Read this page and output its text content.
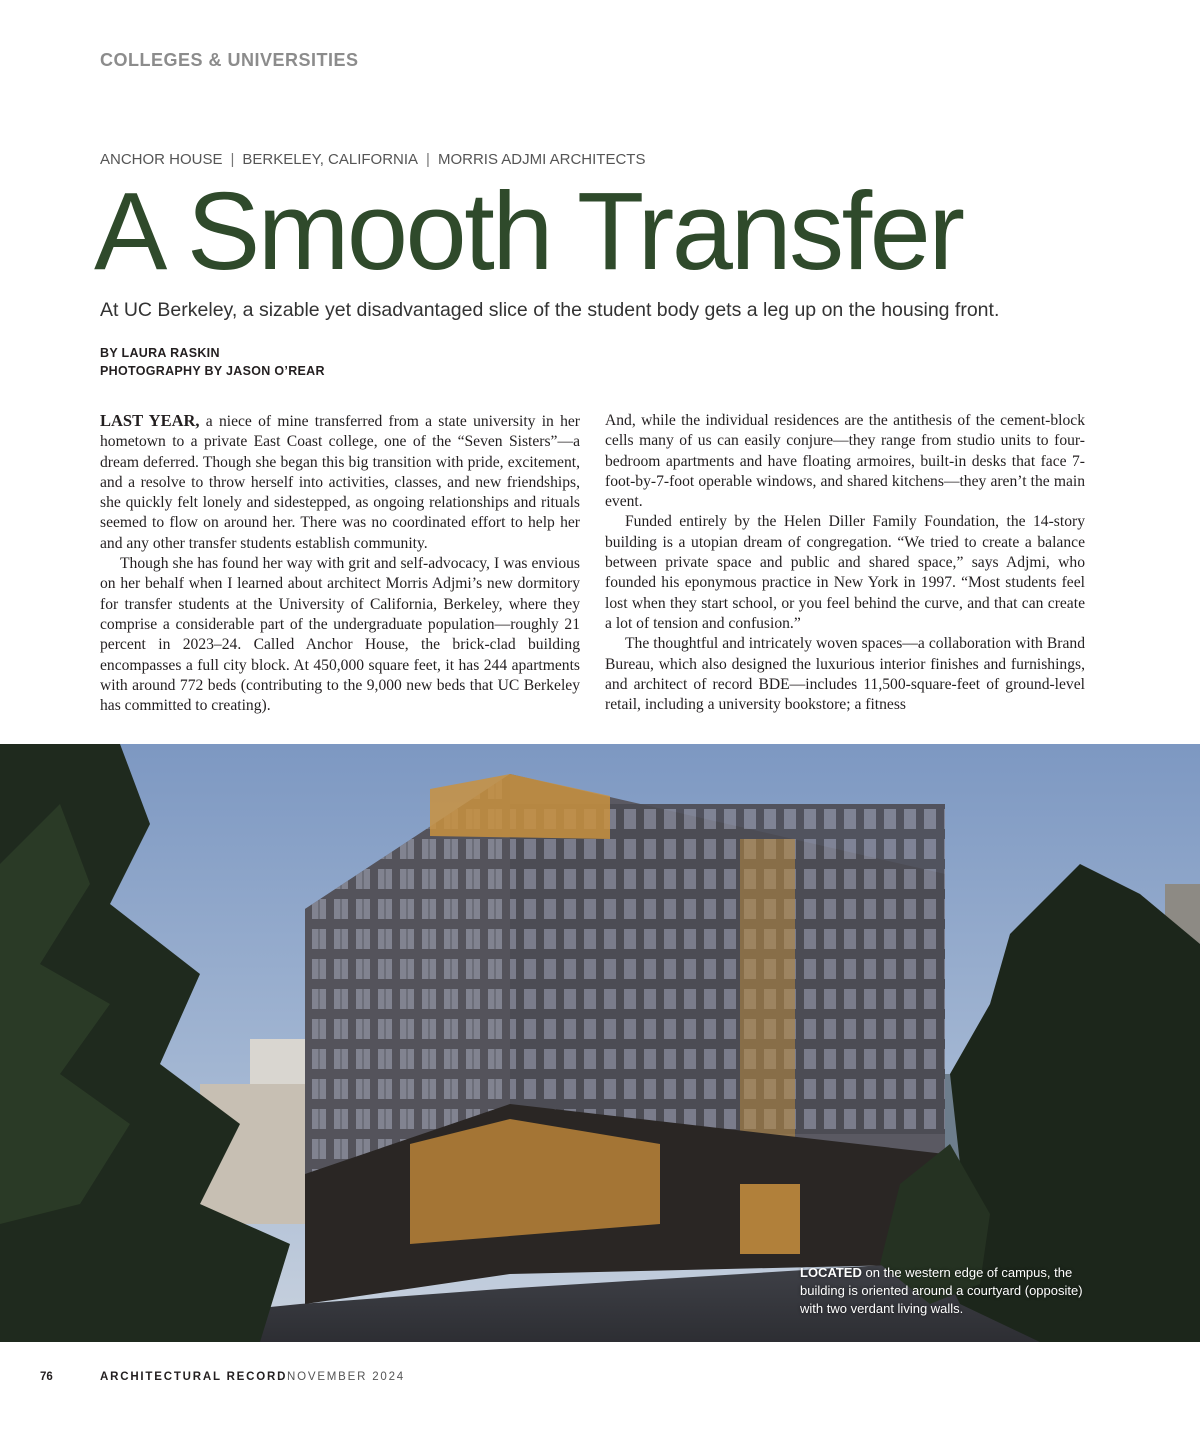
COLLEGES & UNIVERSITIES
ANCHOR HOUSE | BERKELEY, CALIFORNIA | MORRIS ADJMI ARCHITECTS
A Smooth Transfer

At UC Berkeley, a sizable yet disadvantaged slice of the student body gets a leg up on the housing front.

BY LAURA RASKIN
PHOTOGRAPHY BY JASON O’REAR

LAST YEAR, a niece of mine transferred from a state university in her hometown to a private East Coast college, one of the “Seven Sisters”—a dream deferred. Though she began this big transition with pride, excitement, and a resolve to throw herself into activities, classes, and new friendships, she quickly felt lonely and sidestepped, as ongoing relationships and rituals seemed to flow on around her. There was no coordinated effort to help her and any other transfer students establish community.

Though she has found her way with grit and self-advocacy, I was envious on her behalf when I learned about architect Morris Adjmi’s new dormitory for transfer students at the University of California, Berkeley, where they comprise a considerable part of the undergraduate population—roughly 21 percent in 2023–24. Called Anchor House, the brick-clad building encompasses a full city block. At 450,000 square feet, it has 244 apartments with around 772 beds (contributing to the 9,000 new beds that UC Berkeley has committed to creating).

And, while the individual residences are the antithesis of the cement-block cells many of us can easily conjure—they range from studio units to four-bedroom apartments and have floating armoires, built-in desks that face 7-foot-by-7-foot operable windows, and shared kitchens—they aren’t the main event.

Funded entirely by the Helen Diller Family Foundation, the 14-story building is a utopian dream of congregation. “We tried to create a balance between private space and public and shared space,” says Adjmi, who founded his eponymous practice in New York in 1997. “Most students feel lost when they start school, or you feel behind the curve, and that can create a lot of tension and confusion.”

The thoughtful and intricately woven spaces—a collaboration with Brand Bureau, which also designed the luxurious interior finishes and furnishings, and architect of record BDE—includes 11,500-square-feet of ground-level retail, including a university bookstore; a fitness

LOCATED on the western edge of campus, the building is oriented around a courtyard (opposite) with two verdant living walls.

76	ARCHITECTURAL RECORD NOVEMBER 2024
